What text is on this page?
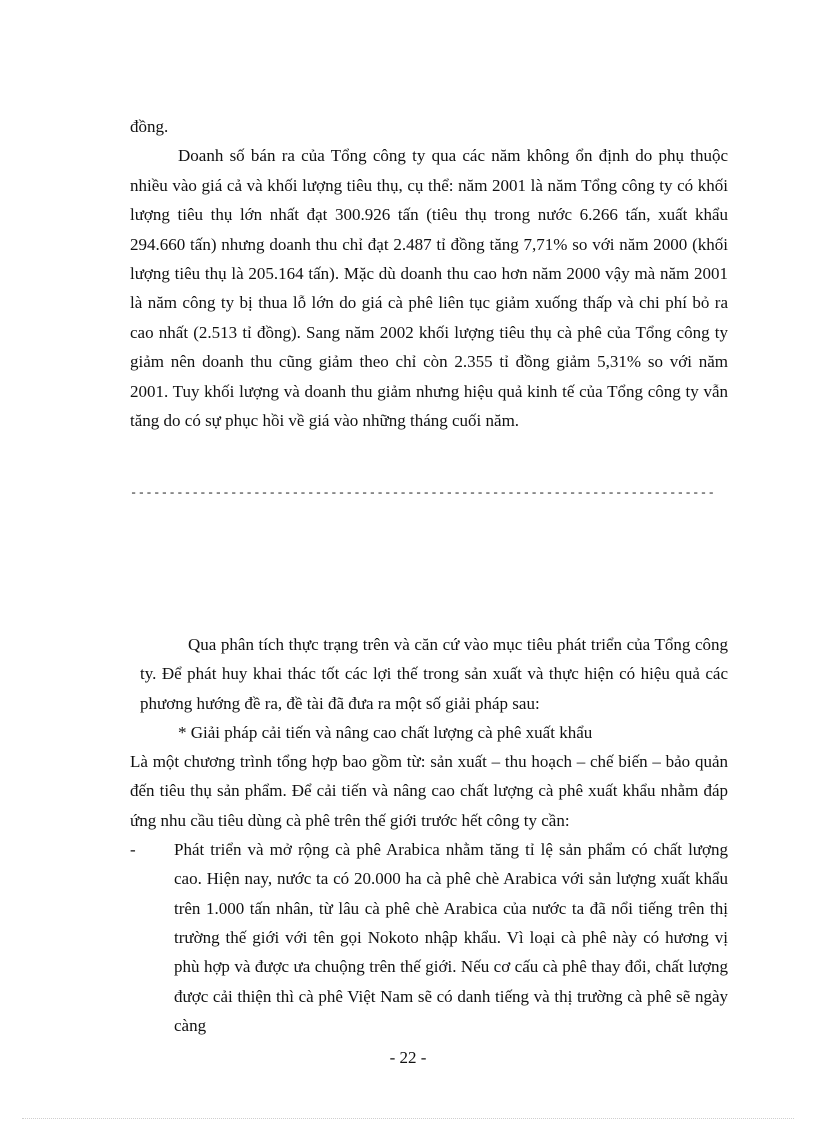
đồng.

Doanh số bán ra của Tổng công ty qua các năm không ổn định do phụ thuộc nhiều vào giá cả và khối lượng tiêu thụ, cụ thể: năm 2001 là năm Tổng công ty có khối lượng tiêu thụ lớn nhất đạt 300.926 tấn (tiêu thụ trong nước 6.266 tấn, xuất khẩu 294.660 tấn) nhưng doanh thu chỉ đạt 2.487 tỉ đồng tăng 7,71% so với năm 2000 (khối lượng tiêu thụ là 205.164 tấn). Mặc dù doanh thu cao hơn năm 2000 vậy mà năm 2001 là năm công ty bị thua lỗ lớn do giá cà phê liên tục giảm xuống thấp và chi phí bỏ ra cao nhất (2.513 tỉ đồng). Sang năm 2002 khối lượng tiêu thụ cà phê của Tổng công ty giảm nên doanh thu cũng giảm theo chỉ còn 2.355 tỉ đồng giảm 5,31% so với năm 2001. Tuy khối lượng và doanh thu giảm nhưng hiệu quả kinh tế của Tổng công ty vẫn tăng do có sự phục hồi về giá vào những tháng cuối năm.

----------------------------------------------------------------------------

Qua phân tích thực trạng trên và căn cứ vào mục tiêu phát triển của Tổng công ty. Để phát huy khai thác tốt các lợi thế trong sản xuất và thực hiện có hiệu quả các phương hướng đề ra, đề tài đã đưa ra một số giải pháp sau:

* Giải pháp cải tiến và nâng cao chất lượng cà phê xuất khẩu

Là một chương trình tổng hợp bao gồm từ: sản xuất – thu hoạch – chế biến – bảo quản đến tiêu thụ sản phẩm. Để cải tiến và nâng cao chất lượng cà phê xuất khẩu nhằm đáp ứng nhu cầu tiêu dùng cà phê trên thế giới trước hết công ty cần:

-	Phát triển và mở rộng cà phê Arabica nhằm tăng tỉ lệ sản phẩm có chất lượng cao. Hiện nay, nước ta có 20.000 ha cà phê chè Arabica với sản lượng xuất khẩu trên 1.000 tấn nhân, từ lâu cà phê chè Arabica của nước ta đã nổi tiếng trên thị trường thế giới với tên gọi Nokoto nhập khẩu. Vì loại cà phê này có hương vị phù hợp và được ưa chuộng trên thế giới. Nếu cơ cấu cà phê thay đổi, chất lượng được cải thiện thì cà phê Việt Nam sẽ có danh tiếng và thị trường cà phê sẽ ngày càng
- 22 -
